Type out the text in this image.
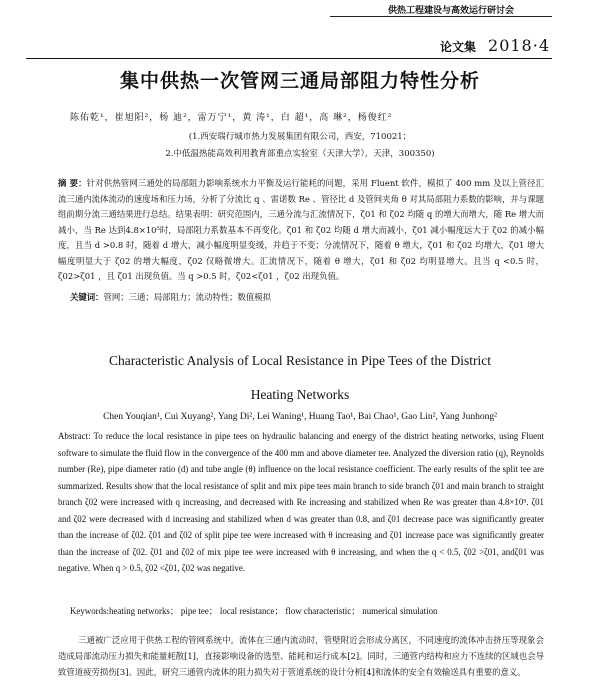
供热工程建设与高效运行研讨会
论文集 2018·4
集中供热一次管网三通局部阻力特性分析
陈佑乾¹，崔旭阳²，杨 迪²，雷万宁¹，黄 涛¹，白 超¹，高 琳²，杨俊红²
(1.西安瑞行城市热力发展集团有限公司，西安，710021；
2.中低温热能高效利用教育部重点实验室（天津大学），天津，300350)
摘 要：针对供热管网三通处的局部阻力影响系统水力平衡及运行能耗的问题，采用 Fluent 软件，模拟了 400 mm 及以上管径汇流三通内流体流动的速度场和压力场，分析了分流比 q 、雷诺数 Re 、管径比 d 及管间夹角 θ 对其局部阻力系数的影响，并与课题组前期分流三通结果进行总结。结果表明：研究范围内，三通分流与汇流情况下，ζ01 和 ζ02 均随 q 的增大而增大，随 Re 增大而减小，当 Re 达到4.8×10⁵时，局部阻力系数基本不再变化。ζ01 和 ζ02 均随 d 增大而减小，ζ01 减小幅度远大于 ζ02 的减小幅度，且当 d >0.8 时，随着 d 增大，减小幅度明显变缓，并趋于不变；分流情况下，随着 θ 增大，ζ01 和 ζ02 均增大，ζ01 增大幅度明显大于 ζ02 的增大幅度，ζ02 仅略微增大。汇流情况下，随着 θ 增大，ζ01 和 ζ02 均明显增大。且当 q <0.5 时，ζ02>ζ01 ，且 ζ01 出现负值。当 q >0.5 时，ζ02<ζ01 ，ζ02 出现负值。
关键词：管网；三通；局部阻力；流动特性；数值模拟
Characteristic Analysis of Local Resistance in Pipe Tees of the District
Heating Networks
Chen Youqian¹, Cui Xuyang², Yang Di², Lei Waning¹, Huang Tao¹, Bai Chao¹, Gao Lin², Yang Junhong²
Abstract: To reduce the local resistance in pipe tees on hydraulic balancing and energy of the district heating networks, using Fluent software to simulate the fluid flow in the convergence of the 400 mm and above diameter tee. Analyzed the diversion ratio (q), Reynolds number (Re), pipe diameter ratio (d) and tube angle (θ) influence on the local resistance coefficient. The early results of the split tee are summarized. Results show that the local resistance of split and mix pipe tees main branch to side branch ζ01 and main branch to straight branch ζ02 were increased with q increasing, and decreased with Re increasing and stabilized when Re was greater than 4.8×10⁵. ζ01 and ζ02 were decreased with d increasing and stabilized when d was greater than 0.8, and ζ01 decrease pace was significantly greater than the increase of ζ02. ζ01 and ζ02 of split pipe tee were increased with θ increasing and ζ01 increase pace was significantly greater than the increase of ζ02. ζ01 and ζ02 of mix pipe tee were increased with θ increasing, and when the q < 0.5, ζ02 >ζ01, andζ01 was negative. When q > 0.5, ζ02 <ζ01, ζ02 was negative.
Keywords:heating networks； pipe tee； local resistance； flow characteristic； numerical simulation
三通被广泛应用于供热工程的管网系统中。流体在三通内流动时，管壁附近会形成分离区，不同速度的流体冲击挤压等现象会造成局部流动压力损失和能量耗散[1]，直接影响设备的选型、能耗和运行成本[2]。同时，三通管内结构和应力不连续的区域也会导致管道疲劳损伤[3]。因此，研究三通管内流体的阻力损失对于管道系统的设计分析[4]和流体的安全有效输送具有重要的意义。
